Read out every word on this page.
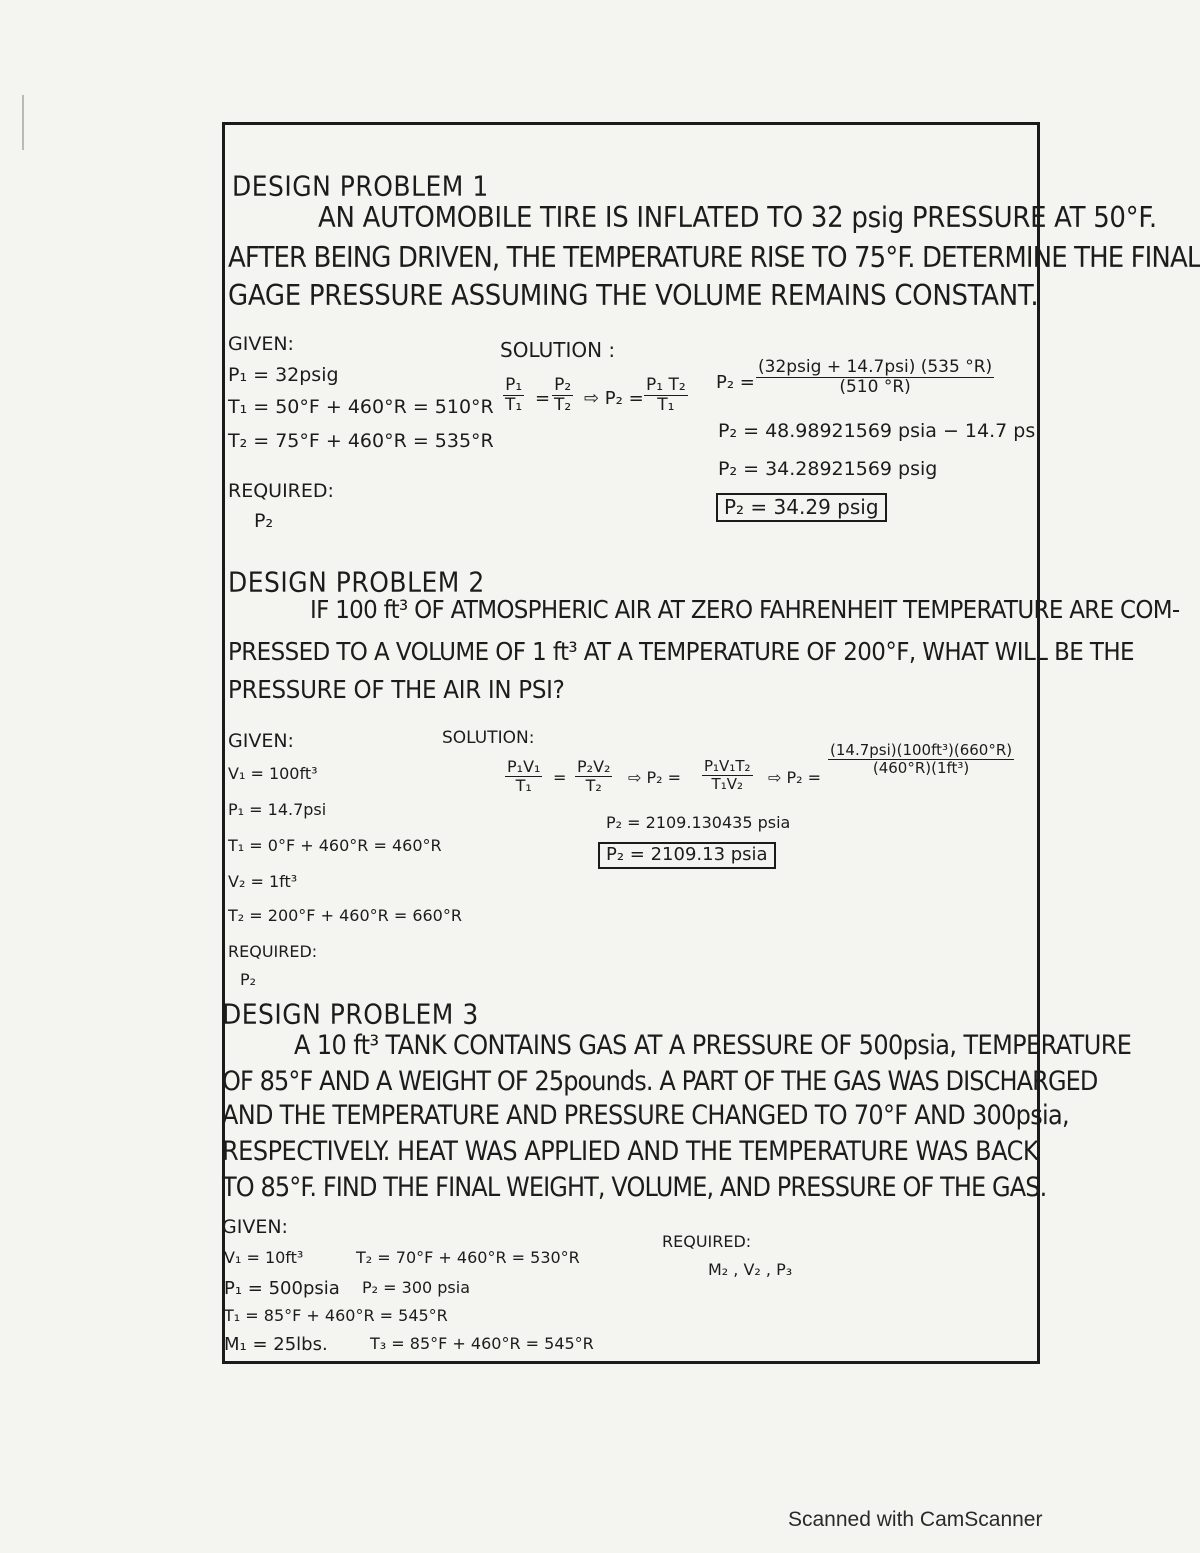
DESIGN PROBLEM 1
AN AUTOMOBILE TIRE IS INFLATED TO 32 psig PRESSURE AT 50°F.
AFTER BEING DRIVEN, THE TEMPERATURE RISE TO 75°F. DETERMINE THE FINAL
GAGE PRESSURE ASSUMING THE VOLUME REMAINS CONSTANT.
GIVEN:
P₁ = 32psig
T₁ = 50°F + 460°R = 510°R
T₂ = 75°F + 460°R = 535°R
REQUIRED:
P₂
SOLUTION :
$\frac{\text{P₁}}{\text{T₁}} = \frac{\text{P₂}}{\text{T₂}}$ ⇨ $P_2 = \frac{\text{P₁ T₂}}{\text{T₁}} P_2$ =
(32psig + 14.7psi) (535 °R)
(510 °R)
P₂ = 48.98921569 psia − 14.7 psi
P₂ = 34.28921569 psig
P₂ = 34.29 psig
DESIGN PROBLEM 2
IF 100 ft³ OF ATMOSPHERIC AIR AT ZERO FAHRENHEIT TEMPERATURE ARE COM-
PRESSED TO A VOLUME OF 1 ft³ AT A TEMPERATURE OF 200°F, WHAT WILL BE THE
PRESSURE OF THE AIR IN PSI?
GIVEN:
V₁ = 100ft³
P₁ = 14.7psi
T₁ = 0°F + 460°R = 460°R
V₂ = 1ft³
T₂ = 200°F + 460°R = 660°R
REQUIRED:
P₂
SOLUTION:
$\frac{\text{P₁V₁}}{\text{T₁}} = \frac{\text{P₂V₂}}{\text{T₂}}$ ⇨ $P_2 = \frac{\text{P₁V₁T₂}}{\text{T₁V₂}}$ ⇨ P₂ =
(14.7psi)(100ft³)(660°R)
(460°R)(1ft³)
P₂ = 2109.130435 psia
P₂ = 2109.13 psia
DESIGN PROBLEM 3
A 10 ft³ TANK CONTAINS GAS AT A PRESSURE OF 500psia, TEMPERATURE
OF 85°F AND A WEIGHT OF 25pounds. A PART OF THE GAS WAS DISCHARGED
AND THE TEMPERATURE AND PRESSURE CHANGED TO 70°F AND 300psia,
RESPECTIVELY. HEAT WAS APPLIED AND THE TEMPERATURE WAS BACK
TO 85°F. FIND THE FINAL WEIGHT, VOLUME, AND PRESSURE OF THE GAS.
GIVEN:
V₁ = 10ft³
P₁ = 500psia
T₁ = 85°F + 460°R = 545°R
M₁ = 25lbs.
T₂ = 70°F + 460°R = 530°R
P₂ = 300 psia
T₃ = 85°F + 460°R = 545°R
REQUIRED:
M₂ , V₂ , P₃
Scanned with CamScanner
